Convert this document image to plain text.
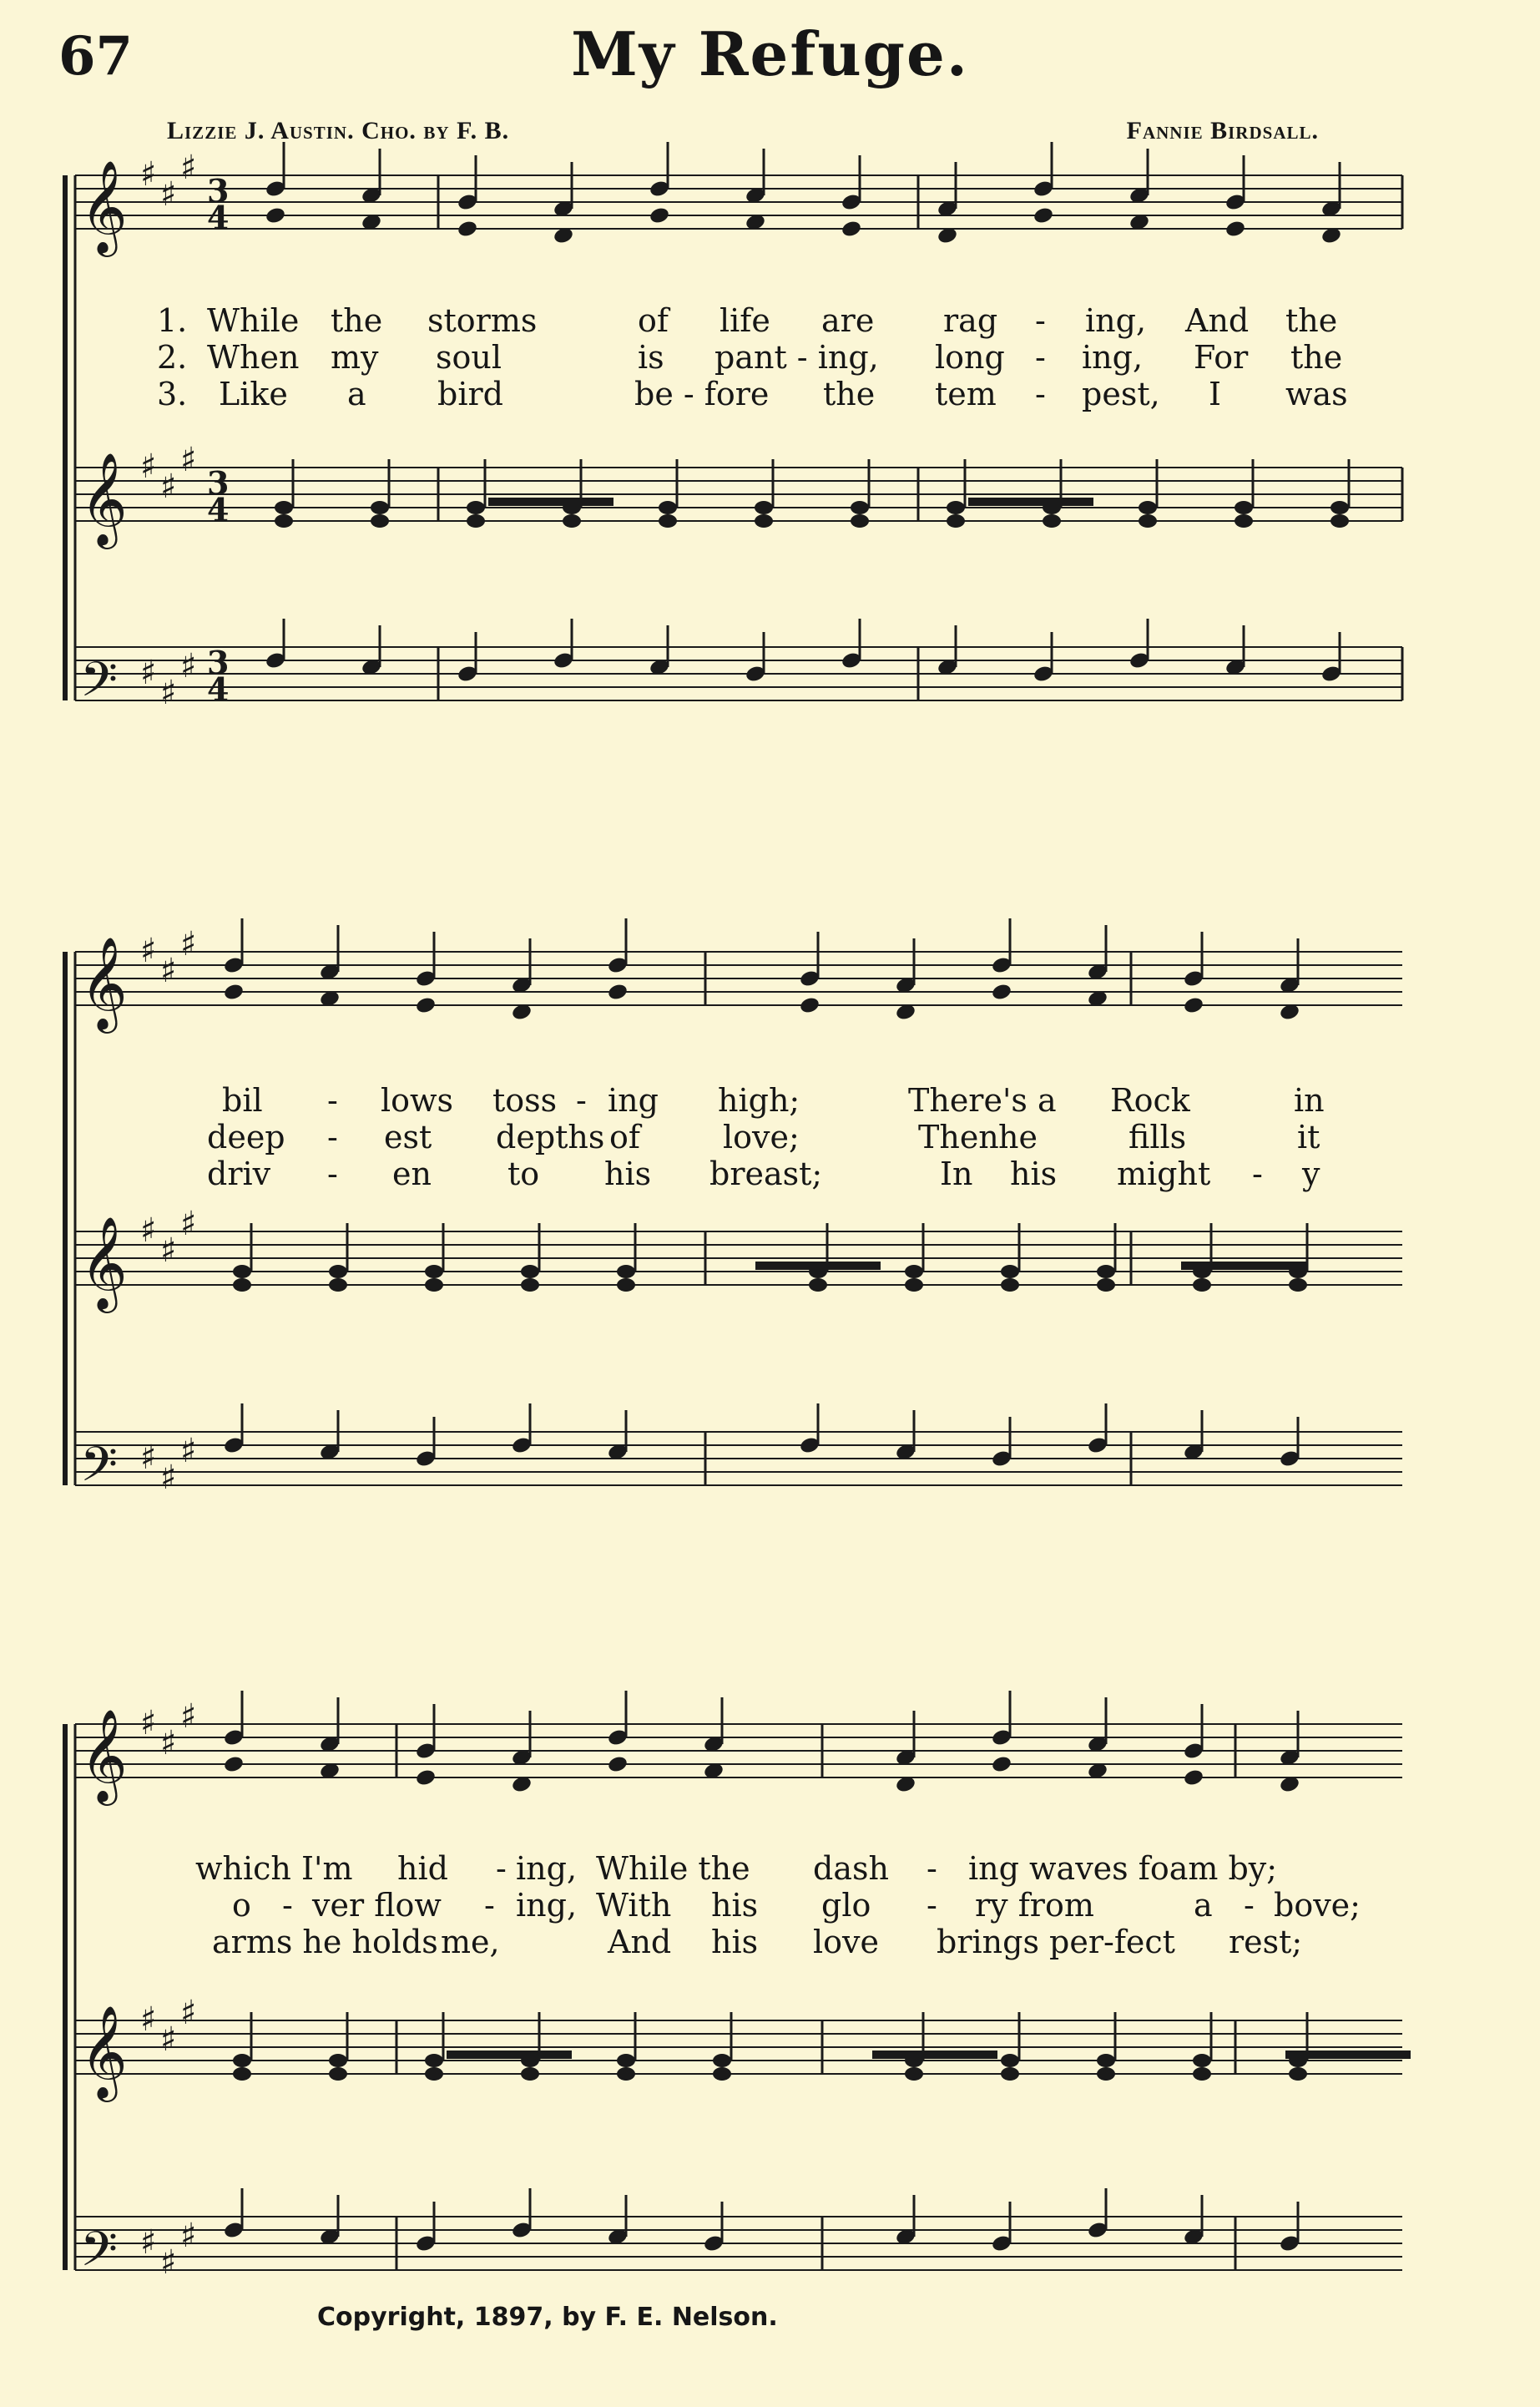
67	My Refuge.
Lizzie J. Austin. Cho. by F. B.	Fannie Birdsall.
𝄞 ♯
♯
♯
3
4
𝄞 ♯
♯
♯
3
4
𝄢 ♯
♯
♯ 3
4
𝄞 ♯
♯
♯
𝄞 ♯
♯
♯
𝄢 ♯
♯
♯
𝄞 ♯
♯
♯
𝄞 ♯
♯
♯
𝄢 ♯
♯
♯
1. While the storms	of life are rag - ing, And the
2. When my soul	is pant - ing, long - ing, For the
3. Like a bird	be - fore the tem - pest, I was
bil - lows toss - ing high;	There's a Rock	in
deep - est depths of	love;	Then he	fills	it
driv - en to his breast;	In his might - y
which I'm hid - ing, While the dash - ing waves foam by;
o - ver flow - ing, With his glo - ry from	a - bove;
arms he holds me,	And his love brings per-fect rest;
Copyright, 1897, by F. E. Nelson.
